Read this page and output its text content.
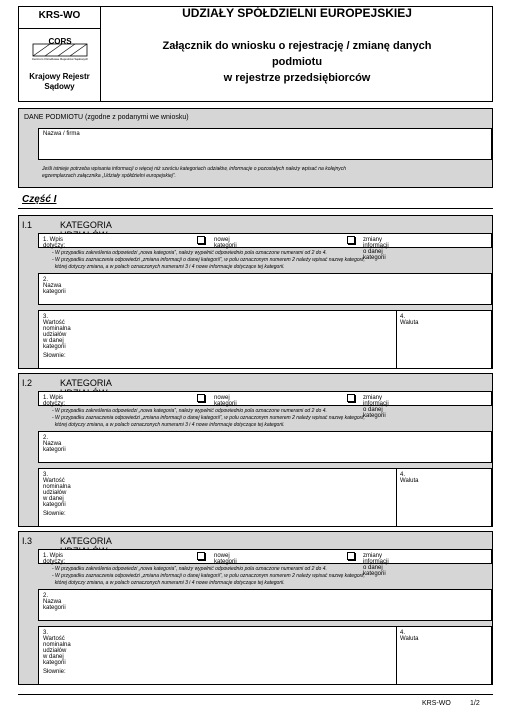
KRS-WO
CORS
Centrum Ośrodkowe Rejestrów Sądowych
Krajowy Rejestr
Sądowy
UDZIAŁY SPÓŁDZIELNI EUROPEJSKIEJ
Załącznik do wniosku o rejestrację / zmianę danych
podmiotu
w rejestrze przedsiębiorców
DANE PODMIOTU (zgodne z podanymi we wniosku)
Nazwa / firma
Jeśli istnieje potrzeba wpisania informacji o więcej niż sześciu kategoriach udziałów, informacje o pozostałych należy wpisać na kolejnych
egzemplarzach załącznika „Udziały spółdzielni europejskiej”.
Część I
I.1	KATEGORIA
1. Wpis dotyczy:
nowej kategorii
zmiany informacji o danej kategorii
- W przypadku zakreślenia odpowiedzi „nowa kategoria”, należy wypełnić odpowiednio pola oznaczone numerami od 2 do 4.
- W przypadku zaznaczenia odpowiedzi „zmiana informacji o danej kategorii”, w polu oznaczonym numerem 2 należy wpisać nazwę kategorii,
której dotyczy zmiana, a w polach oznaczonych numerami 3 i 4 nowe informacje dotyczące tej kategorii.
2. Nazwa kategorii
3. Wartość nominalna udziałów w danej kategorii
Słownie:
4. Waluta
I.2	KATEGORIA
1. Wpis dotyczy:
nowej kategorii
zmiany informacji o danej kategorii
- W przypadku zakreślenia odpowiedzi „nowa kategoria”, należy wypełnić odpowiednio pola oznaczone numerami od 2 do 4.
- W przypadku zaznaczenia odpowiedzi „zmiana informacji o danej kategorii”, w polu oznaczonym numerem 2 należy wpisać nazwę kategorii,
której dotyczy zmiana, a w polach oznaczonych numerami 3 i 4 nowe informacje dotyczące tej kategorii.
2. Nazwa kategorii
3. Wartość nominalna udziałów w danej kategorii
Słownie:
4. Waluta
I.3	KATEGORIA
1. Wpis dotyczy:
nowej kategorii
zmiany informacji o danej kategorii
- W przypadku zakreślenia odpowiedzi „nowa kategoria”, należy wypełnić odpowiednio pola oznaczone numerami od 2 do 4.
- W przypadku zaznaczenia odpowiedzi „zmiana informacji o danej kategorii”, w polu oznaczonym numerem 2 należy wpisać nazwę kategorii,
której dotyczy zmiana, a w polach oznaczonych numerami 3 i 4 nowe informacje dotyczące tej kategorii.
2. Nazwa kategorii
3. Wartość nominalna udziałów w danej kategorii
Słownie:
4. Waluta
KRS-WO	1/2
